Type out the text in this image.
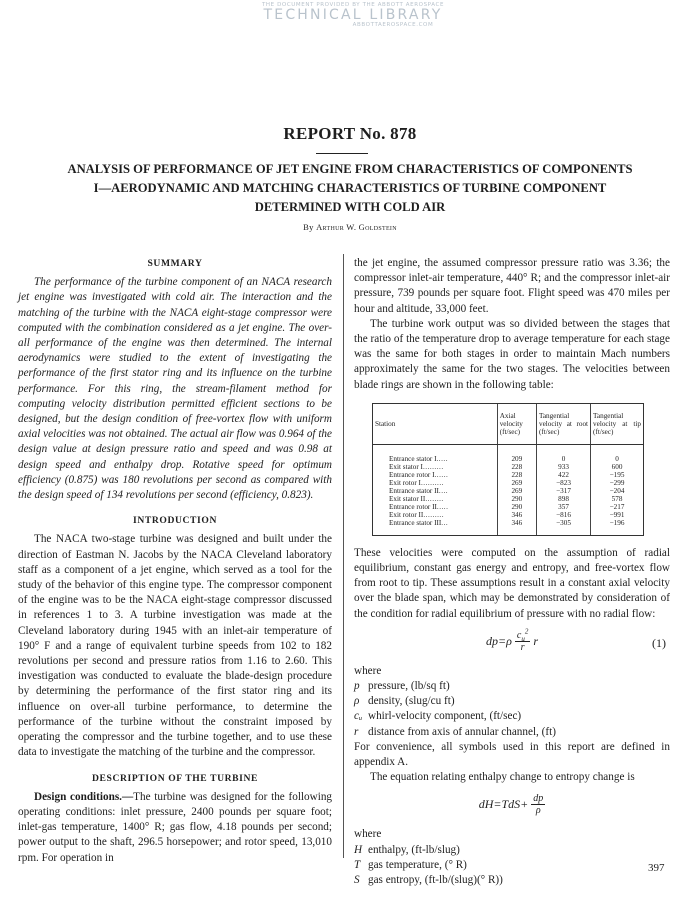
THE DOCUMENT PROVIDED BY THE ABBOTT AEROSPACE
TECHNICAL LIBRARY
ABBOTTAEROSPACE.COM
REPORT No. 878
ANALYSIS OF PERFORMANCE OF JET ENGINE FROM CHARACTERISTICS OF COMPONENTS
I—AERODYNAMIC AND MATCHING CHARACTERISTICS OF TURBINE COMPONENT
DETERMINED WITH COLD AIR
By Arthur W. Goldstein
SUMMARY

The performance of the turbine component of an NACA research jet engine was investigated with cold air. The interaction and the matching of the turbine with the NACA eight-stage compressor were computed with the combination considered as a jet engine. The over-all performance of the engine was then determined. The internal aerodynamics were studied to the extent of investigating the performance of the first stator ring and its influence on the turbine performance. For this ring, the stream-filament method for computing velocity distribution permitted efficient sections to be designed, but the design condition of free-vortex flow with uniform axial velocities was not obtained. The actual air flow was 0.964 of the design value at design pressure ratio and speed and was 0.98 at design speed and enthalpy drop. Rotative speed for optimum efficiency (0.875) was 180 revolutions per second as compared with the design speed of 134 revolutions per second (efficiency, 0.823).

INTRODUCTION

The NACA two-stage turbine was designed and built under the direction of Eastman N. Jacobs by the NACA Cleveland laboratory staff as a component of a jet engine, which served as a tool for the study of the behavior of this engine type. The compressor component of the engine was to be the NACA eight-stage compressor discussed in references 1 to 3. A turbine investigation was made at the Cleveland laboratory during 1945 with an inlet-air temperature of 190° F and a range of equivalent turbine speeds from 102 to 182 revolutions per second and pressure ratios from 1.16 to 2.60. This investigation was conducted to evaluate the blade-design procedure by determining the performance of the first stator ring and its influence on over-all turbine performance, to determine the performance of the turbine without the constraint imposed by operating the compressor and the turbine together, and to use these data to investigate the matching of the turbine and the compressor.

DESCRIPTION OF THE TURBINE

Design conditions.—The turbine was designed for the following operating conditions: inlet pressure, 2400 pounds per square foot; inlet-gas temperature, 1400° R; gas flow, 4.18 pounds per second; power output to the shaft, 296.5 horsepower; and rotor speed, 13,010 rpm. For operation in

the jet engine, the assumed compressor pressure ratio was 3.36; the compressor inlet-air temperature, 440° R; and the compressor inlet-air pressure, 739 pounds per square foot. Flight speed was 470 miles per hour and altitude, 33,000 feet.

The turbine work output was so divided between the stages that the ratio of the temperature drop to average temperature for each stage was the same for both stages in order to maintain Mach numbers approximately the same for the two stages. The velocities between blade rings are shown in the following table:

Station	Axial velocity (ft/sec)	Tangential velocity at root (ft/sec)	Tangential velocity at tip (ft/sec)
Entrance stator I.....	209	0	0
Exit stator I.........	228	933	600
Entrance rotor I......	228	422	−195
Exit rotor I..........	269	−823	−299
Entrance stator II....	269	−317	−204
Exit stator II........	290	898	578
Entrance rotor II.....	290	357	−217
Exit rotor II.........	346	−816	−991
Entrance stator III...	346	−305	−196

These velocities were computed on the assumption of radial equilibrium, constant gas energy and entropy, and free-vortex flow from root to tip. These assumptions result in a constant axial velocity over the blade span, which may be demonstrated by consideration of the condition for radial equilibrium of pressure with no radial flow:

$dp=\rho \frac{c_u^2}{r}$ r	(1)
where
p pressure, (lb/sq ft)
ρ density, (slug/cu ft)
cᵤ whirl-velocity component, (ft/sec)
r distance from axis of annular channel, (ft)

For convenience, all symbols used in this report are defined in appendix A.

The equation relating enthalpy change to entropy change is

$dH=TdS+ \frac{dp}{\rho}$
where
H enthalpy, (ft-lb/slug)
T gas temperature, (° R)
S gas entropy, (ft-lb/(slug)(° R))
397
